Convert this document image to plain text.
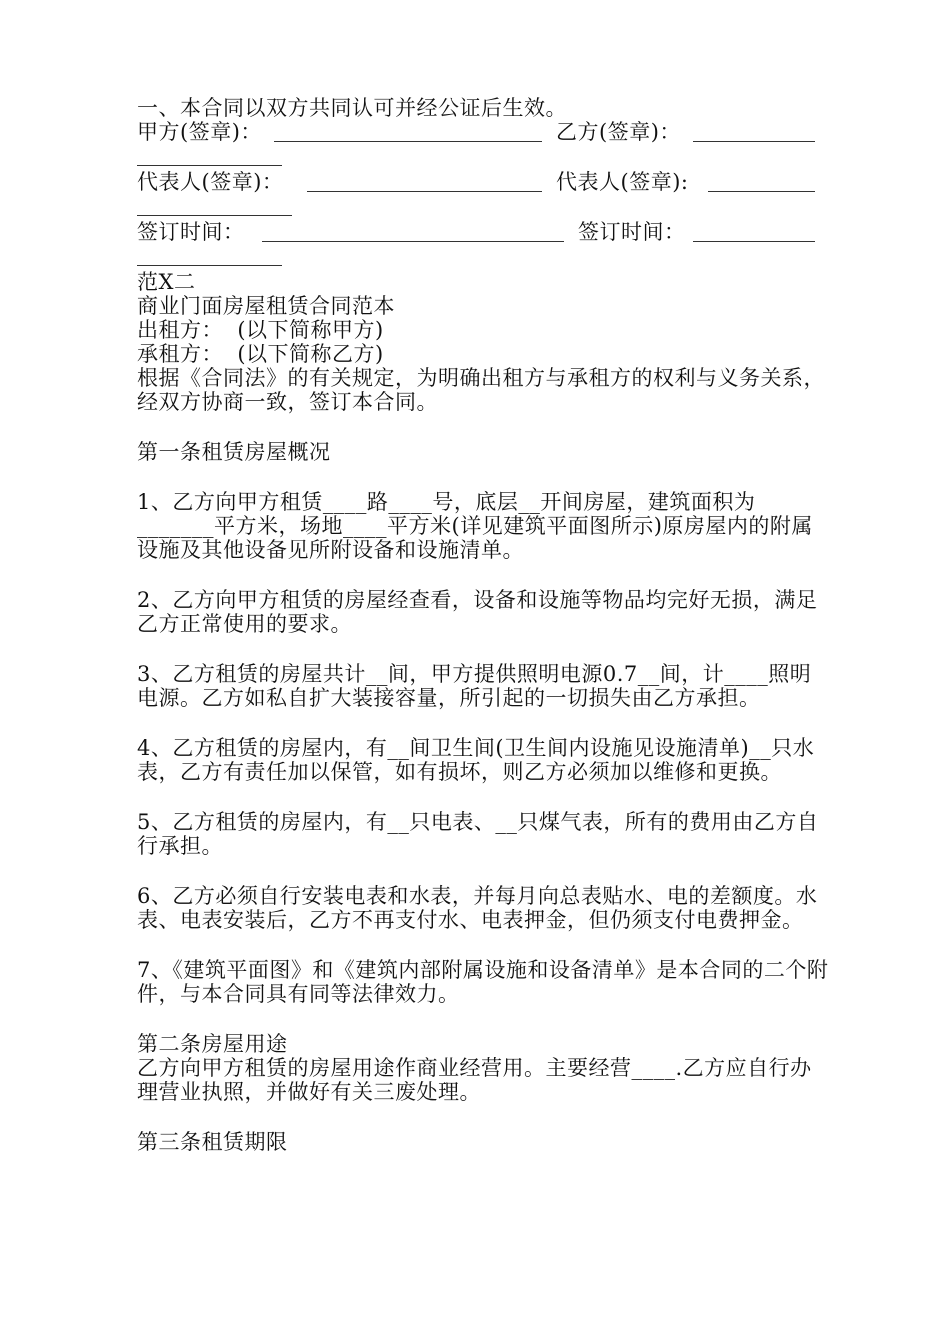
一、本合同以双方共同认可并经公证后生效。

甲方(签章)：	乙方(签章)：
代表人(签章)：	代表人(签章):
签订时间：	签订时间：

范X二

商业门面房屋租赁合同范本

出租方：  (以下简称甲方)

承租方：  (以下简称乙方)

根据《合同法》的有关规定，为明确出租方与承租方的权利与义务关系，经双方协商一致，签订本合同。

第一条租赁房屋概况

1、乙方向甲方租赁____路____号，底层__开间房屋，建筑面积为_______平方米，场地____平方米(详见建筑平面图所示)原房屋内的附属设施及其他设备见所附设备和设施清单。

2、乙方向甲方租赁的房屋经查看，设备和设施等物品均完好无损，满足乙方正常使用的要求。

3、乙方租赁的房屋共计__间，甲方提供照明电源0.7__间，计____照明电源。乙方如私自扩大装接容量，所引起的一切损失由乙方承担。

4、乙方租赁的房屋内，有__间卫生间(卫生间内设施见设施清单)__只水表，乙方有责任加以保管，如有损坏，则乙方必须加以维修和更换。

5、乙方租赁的房屋内，有__只电表、__只煤气表，所有的费用由乙方自行承担。

6、乙方必须自行安装电表和水表，并每月向总表贴水、电的差额度。水表、电表安装后，乙方不再支付水、电表押金，但仍须支付电费押金。

7、《建筑平面图》和《建筑内部附属设施和设备清单》是本合同的二个附件，与本合同具有同等法律效力。

第二条房屋用途

乙方向甲方租赁的房屋用途作商业经营用。主要经营____.乙方应自行办理营业执照，并做好有关三废处理。

第三条租赁期限
